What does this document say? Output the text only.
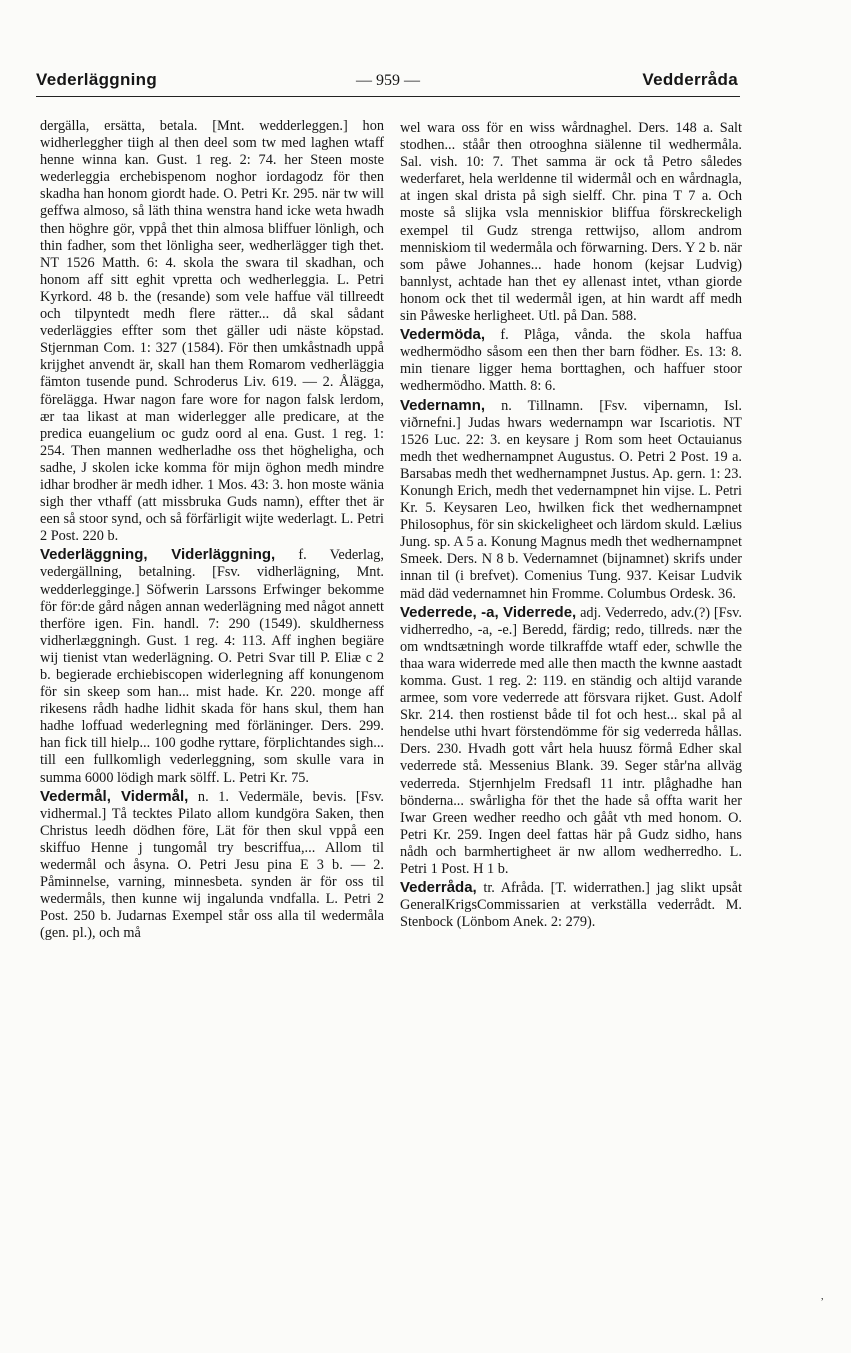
Vederläggning	— 959 —	Vedderråda

dergälla, ersätta, betala. [Mnt. wedderleggen.] hon widherleggher tiigh al then deel som tw med laghen wtaff henne winna kan. Gust. 1 reg. 2: 74. her Steen moste wederleggia erchebispenom noghor iordagodz för then skadha han honom giordt hade. O. Petri Kr. 295. när tw will geffwa almoso, så läth thina wenstra hand icke weta hwadh then höghre gör, vppå thet thin almosa bliffuer lönligh, och thin fadher, som thet lönligha seer, wedherlägger tigh thet. NT 1526 Matth. 6: 4. skola the swara til skadhan, och honom aff sitt eghit vpretta och wedherleggia. L. Petri Kyrkord. 48 b. the (resande) som vele haffue väl tillreedt och tilpyntedt medh flere rätter... då skal sådant vederläggies effter som thet gäller udi näste köpstad. Stjernman Com. 1: 327 (1584). För then umkåstnadh uppå krijghet anvendt är, skall han them Romarom vedherläggia fämton tusende pund. Schroderus Liv. 619. — 2. Ålägga, förelägga. Hwar nagon fare wore for nagon falsk lerdom, ær taa likast at man widerlegger alle predicare, at the predica euangelium oc gudz oord al ena. Gust. 1 reg. 1: 254. Then mannen wedherladhe oss thet högheligha, och sadhe, J skolen icke komma för mijn öghon medh mindre idhar brodher är medh idher. 1 Mos. 43: 3. hon moste wänia sigh ther vthaff (att missbruka Guds namn), effter thet är een så stoor synd, och så förfärligit wijte wederlagt. L. Petri 2 Post. 220 b.

Vederläggning, Viderläggning, f. Vederlag, vedergällning, betalning. [Fsv. vidherlägning, Mnt. wedderlegginge.] Söfwerin Larssons Erfwinger bekomme för för:de gård någen annan wederlägning med något annett therföre igen. Fin. handl. 7: 290 (1549). skuldherness vidherlæggningh. Gust. 1 reg. 4: 113. Aff inghen begiäre wij tienist vtan wederlägning. O. Petri Svar till P. Eliæ c 2 b. begierade erchiebiscopen widerlegning aff konungenom för sin skeep som han... mist hade. Kr. 220. monge aff rikesens rådh hadhe lidhit skada för hans skul, them han hadhe loffuad wederlegning med förläninger. Ders. 299. han fick till hielp... 100 godhe ryttare, förplichtandes sigh... till een fullkomligh vederleggning, som skulle vara in summa 6000 lödigh mark sölff. L. Petri Kr. 75.

Vedermål, Vidermål, n. 1. Vedermäle, bevis. [Fsv. vidhermal.] Tå tecktes Pilato allom kundgöra Saken, then Christus leedh dödhen före, Lät för then skul vppå een skiffuo Henne j tungomål try bescriffua,... Allom til wedermål och åsyna. O. Petri Jesu pina E 3 b. — 2. Påminnelse, varning, minnesbeta. synden är för oss til wedermåls, then kunne wij ingalunda vndfalla. L. Petri 2 Post. 250 b. Judarnas Exempel står oss alla til wedermåla (gen. pl.), och må

wel wara oss för en wiss wårdnaghel. Ders. 148 a. Salt stodhen... ståår then otrooghna siälenne til wedhermåla. Sal. vish. 10: 7. Thet samma är ock tå Petro således wederfaret, hela werldenne til widermål och en wårdnagla, at ingen skal drista på sigh sielff. Chr. pina T 7 a. Och moste så slijka vsla menniskior bliffua förskreckeligh exempel til Gudz strenga rettwijso, allom androm menniskiom til wedermåla och förwarning. Ders. Y 2 b. när som påwe Johannes... hade honom (kejsar Ludvig) bannlyst, achtade han thet ey allenast intet, vthan giorde honom ock thet til wedermål igen, at hin wardt aff medh sin Påweske herligheet. Utl. på Dan. 588.

Vedermöda, f. Plåga, vånda. the skola haffua wedhermödho såsom een then ther barn födher. Es. 13: 8. min tienare ligger hema borttaghen, och haffuer stoor wedhermödho. Matth. 8: 6.

Vedernamn, n. Tillnamn. [Fsv. viþernamn, Isl. viðrnefni.] Judas hwars wedernampn war Iscariotis. NT 1526 Luc. 22: 3. en keysare j Rom som heet Octauianus medh thet wedhernampnet Augustus. O. Petri 2 Post. 19 a. Barsabas medh thet wedhernampnet Justus. Ap. gern. 1: 23. Konungh Erich, medh thet vedernampnet hin vijse. L. Petri Kr. 5. Keysaren Leo, hwilken fick thet wedhernampnet Philosophus, för sin skickeligheet och lärdom skuld. Lælius Jung. sp. A 5 a. Konung Magnus medh thet wedhernampnet Smeek. Ders. N 8 b. Vedernamnet (bijnamnet) skrifs under innan til (i brefvet). Comenius Tung. 937. Keisar Ludvik mäd däd vedernamnet hin Fromme. Columbus Ordesk. 36.

Vederrede, -a, Viderrede, adj. Vederredo, adv.(?) [Fsv. vidherredho, -a, -e.] Beredd, färdig; redo, tillreds. nær the om wndtsætningh worde tilkraffde wtaff eder, schwlle the thaa wara widerrede med alle then macth the kwnne aastadt komma. Gust. 1 reg. 2: 119. en ständig och altijd varande armee, som vore vederrede att försvara rijket. Gust. Adolf Skr. 214. then rostienst både til fot och hest... skal på al hendelse uthi hvart förstendömme för sig vederreda hållas. Ders. 230. Hvadh gott vårt hela huusz förmå Edher skal vederrede stå. Messenius Blank. 39. Seger står'na allväg vederreda. Stjernhjelm Fredsafl 11 intr. plåghadhe han bönderna... swårligha för thet the hade så offta warit her Iwar Green wedher reedho och gååt vth med honom. O. Petri Kr. 259. Ingen deel fattas här på Gudz sidho, hans nådh och barmhertigheet är nw allom wedherredho. L. Petri 1 Post. H 1 b.

Vederråda, tr. Afråda. [T. widerrathen.] jag slikt upsåt GeneralKrigsCommissarien at verkställa vederrådt. M. Stenbock (Lönbom Anek. 2: 279).

,
